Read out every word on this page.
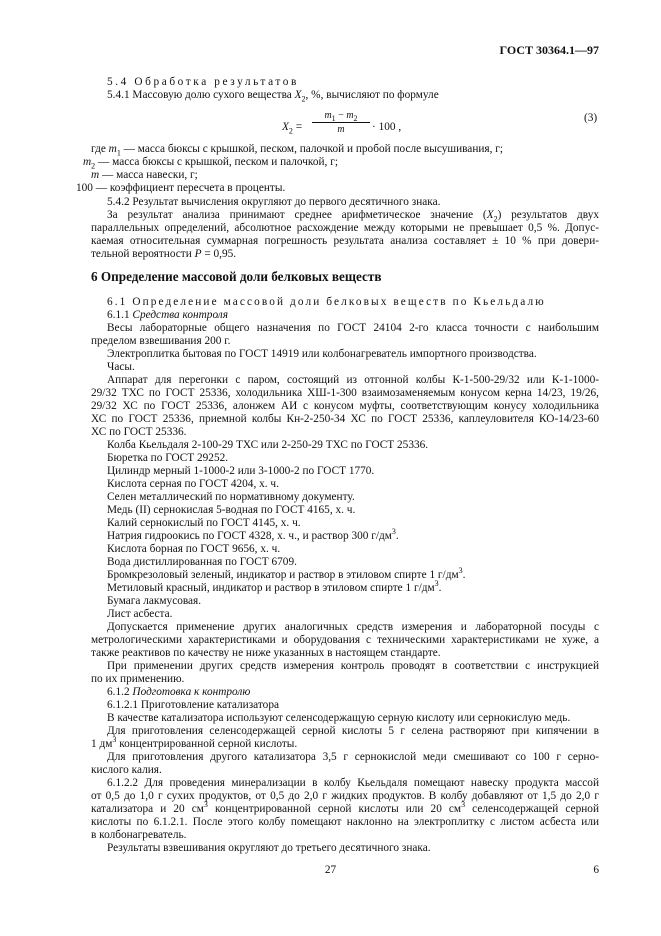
ГОСТ 30364.1—97
5.4 Обработка результатов
5.4.1 Массовую долю сухого вещества $X_2$, %, вычисляют по формуле
$X_2$ =
$m_1 - m_2$
m	· 100 ,
(3)
где $m_1$ — масса бюксы с крышкой, песком, палочкой и пробой после высушивания, г;
$m_2$ — масса бюксы с крышкой, песком и палочкой, г;
m — масса навески, г;
100 — коэффициент пересчета в проценты.
5.4.2 Результат вычисления округляют до первого десятичного знака.
За результат анализа принимают среднее арифметическое значение $(X_2)$ результатов двух
параллельных определений, абсолютное расхождение между которыми не превышает 0,5 %. Допус-
каемая относительная суммарная погрешность результата анализа составляет ± 10 % при довери-
тельной вероятности P = 0,95.
6 Определение массовой доли белковых веществ
6.1 Определение массовой доли белковых веществ по Кьельдалю
6.1.1 Средства контроля
Весы лабораторные общего назначения по ГОСТ 24104 2-го класса точности с наибольшим
пределом взвешивания 200 г.
Электроплитка бытовая по ГОСТ 14919 или колбонагреватель импортного производства.
Часы.
Аппарат для перегонки с паром, состоящий из отгонной колбы К-1-500-29/32 или К-1-1000-
29/32 ТХС по ГОСТ 25336, холодильника ХШ-1-300 взаимозаменяемым конусом керна 14/23, 19/26,
29/32 ХС по ГОСТ 25336, алонжем АИ с конусом муфты, соответствующим конусу холодильника
ХС по ГОСТ 25336, приемной колбы Кн-2-250-34 ХС по ГОСТ 25336, каплеуловителя КО-14/23-60
ХС по ГОСТ 25336.
Колба Кьельдаля 2-100-29 ТХС или 2-250-29 ТХС по ГОСТ 25336.
Бюретка по ГОСТ 29252.
Цилиндр мерный 1-1000-2 или 3-1000-2 по ГОСТ 1770.
Кислота серная по ГОСТ 4204, х. ч.
Селен металлический по нормативному документу.
Медь (II) сернокислая 5-водная по ГОСТ 4165, х. ч.
Калий сернокислый по ГОСТ 4145, х. ч.
Натрия гидроокись по ГОСТ 4328, х. ч., и раствор 300 $г/дм^3$.
Кислота борная по ГОСТ 9656, х. ч.
Вода дистиллированная по ГОСТ 6709.
Бромкрезоловый зеленый, индикатор и раствор в этиловом спирте 1 $г/дм^3$.
Метиловый красный, индикатор и раствор в этиловом спирте 1 $г/дм^3$.
Бумага лакмусовая.
Лист асбеста.
Допускается применение других аналогичных средств измерения и лабораторной посуды с
метрологическими характеристиками и оборудования с техническими характеристиками не хуже, а
также реактивов по качеству не ниже указанных в настоящем стандарте.
При применении других средств измерения контроль проводят в соответствии с инструкцией
по их применению.
6.1.2 Подготовка к контролю
6.1.2.1 Приготовление катализатора
В качестве катализатора используют селенсодержащую серную кислоту или сернокислую медь.
Для приготовления селенсодержащей серной кислоты 5 г селена растворяют при кипячении в
1 $дм^3$ концентрированной серной кислоты.
Для приготовления другого катализатора 3,5 г сернокислой меди смешивают со 100 г серно-
кислого калия.
6.1.2.2 Для проведения минерализации в колбу Кьельдаля помещают навеску продукта массой
от 0,5 до 1,0 г сухих продуктов, от 0,5 до 2,0 г жидких продуктов. В колбу добавляют от 1,5 до 2,0 г
катализатора и 20 $см^3$ концентрированной серной кислоты или 20 $см^3$ селенсодержащей серной
кислоты по 6.1.2.1. После этого колбу помещают наклонно на электроплитку с листом асбеста или
в колбонагреватель.
Результаты взвешивания округляют до третьего десятичного знака.
27	6
